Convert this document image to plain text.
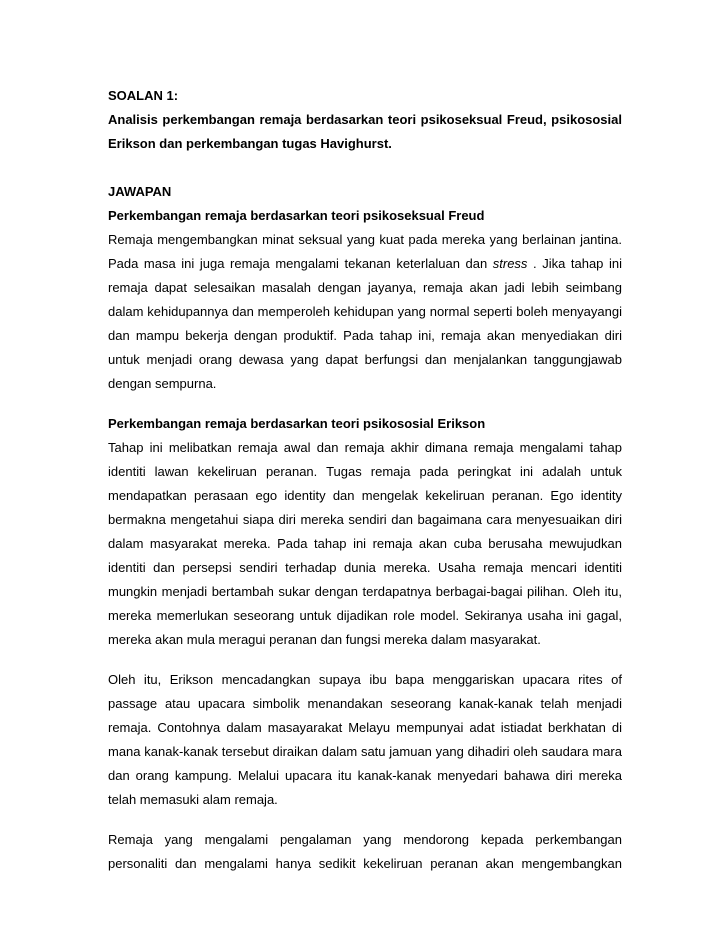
SOALAN 1:
Analisis perkembangan remaja berdasarkan teori psikoseksual Freud, psikososial Erikson dan perkembangan tugas Havighurst.
JAWAPAN
Perkembangan remaja berdasarkan teori psikoseksual Freud
Remaja mengembangkan minat seksual yang kuat pada mereka yang berlainan jantina. Pada masa ini juga remaja mengalami tekanan keterlaluan dan stress . Jika tahap ini remaja dapat selesaikan masalah dengan jayanya, remaja akan jadi lebih seimbang dalam kehidupannya dan memperoleh kehidupan yang normal seperti boleh menyayangi dan mampu bekerja dengan produktif. Pada tahap ini, remaja akan menyediakan diri untuk menjadi orang dewasa yang dapat berfungsi dan menjalankan tanggungjawab dengan sempurna.
Perkembangan remaja berdasarkan teori psikososial Erikson
Tahap ini melibatkan remaja awal dan remaja akhir dimana remaja mengalami tahap identiti lawan kekeliruan peranan. Tugas remaja pada peringkat ini adalah untuk mendapatkan perasaan ego identity dan mengelak kekeliruan peranan. Ego identity bermakna mengetahui siapa diri mereka sendiri dan bagaimana cara menyesuaikan diri dalam masyarakat mereka. Pada tahap ini remaja akan cuba berusaha mewujudkan identiti dan persepsi sendiri terhadap dunia mereka. Usaha remaja mencari identiti mungkin menjadi bertambah sukar dengan terdapatnya berbagai-bagai pilihan. Oleh itu, mereka memerlukan seseorang untuk dijadikan role model. Sekiranya usaha ini gagal, mereka akan mula meragui peranan dan fungsi mereka dalam masyarakat.
Oleh itu, Erikson mencadangkan supaya ibu bapa menggariskan upacara rites of passage atau upacara simbolik menandakan seseorang kanak-kanak telah menjadi remaja. Contohnya dalam masayarakat Melayu mempunyai adat istiadat berkhatan di mana kanak-kanak tersebut diraikan dalam satu jamuan yang dihadiri oleh saudara mara dan orang kampung. Melalui upacara itu kanak-kanak menyedari bahawa diri mereka telah memasuki alam remaja.
Remaja yang mengalami pengalaman yang mendorong kepada perkembangan personaliti dan mengalami hanya sedikit kekeliruan peranan akan mengembangkan
